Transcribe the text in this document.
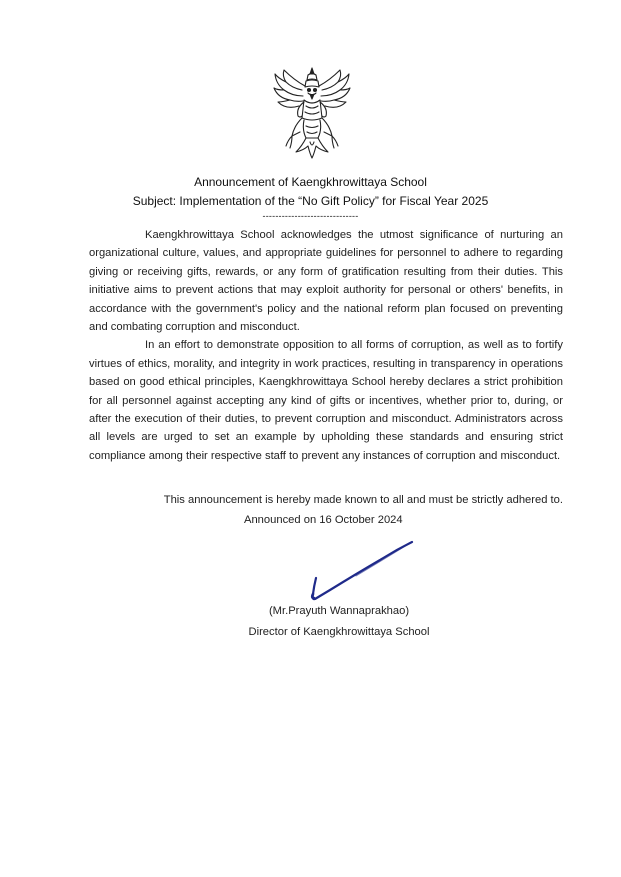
Announcement of Kaengkhrowittaya School
Subject: Implementation of the “No Gift Policy” for Fiscal Year 2025
------------------------------

Kaengkhrowittaya School acknowledges the utmost significance of nurturing an organizational culture, values, and appropriate guidelines for personnel to adhere to regarding giving or receiving gifts, rewards, or any form of gratification resulting from their duties. This initiative aims to prevent actions that may exploit authority for personal or others' benefits, in accordance with the government's policy and the national reform plan focused on preventing and combating corruption and misconduct.

In an effort to demonstrate opposition to all forms of corruption, as well as to fortify virtues of ethics, morality, and integrity in work practices, resulting in transparency in operations based on good ethical principles, Kaengkhrowittaya School hereby declares a strict prohibition for all personnel against accepting any kind of gifts or incentives, whether prior to, during, or after the execution of their duties, to prevent corruption and misconduct. Administrators across all levels are urged to set an example by upholding these standards and ensuring strict compliance among their respective staff to prevent any instances of corruption and misconduct.

This announcement is hereby made known to all and must be strictly adhered to.
Announced on 16 October 2024
(Mr.Prayuth Wannaprakhao)
Director of Kaengkhrowittaya School
